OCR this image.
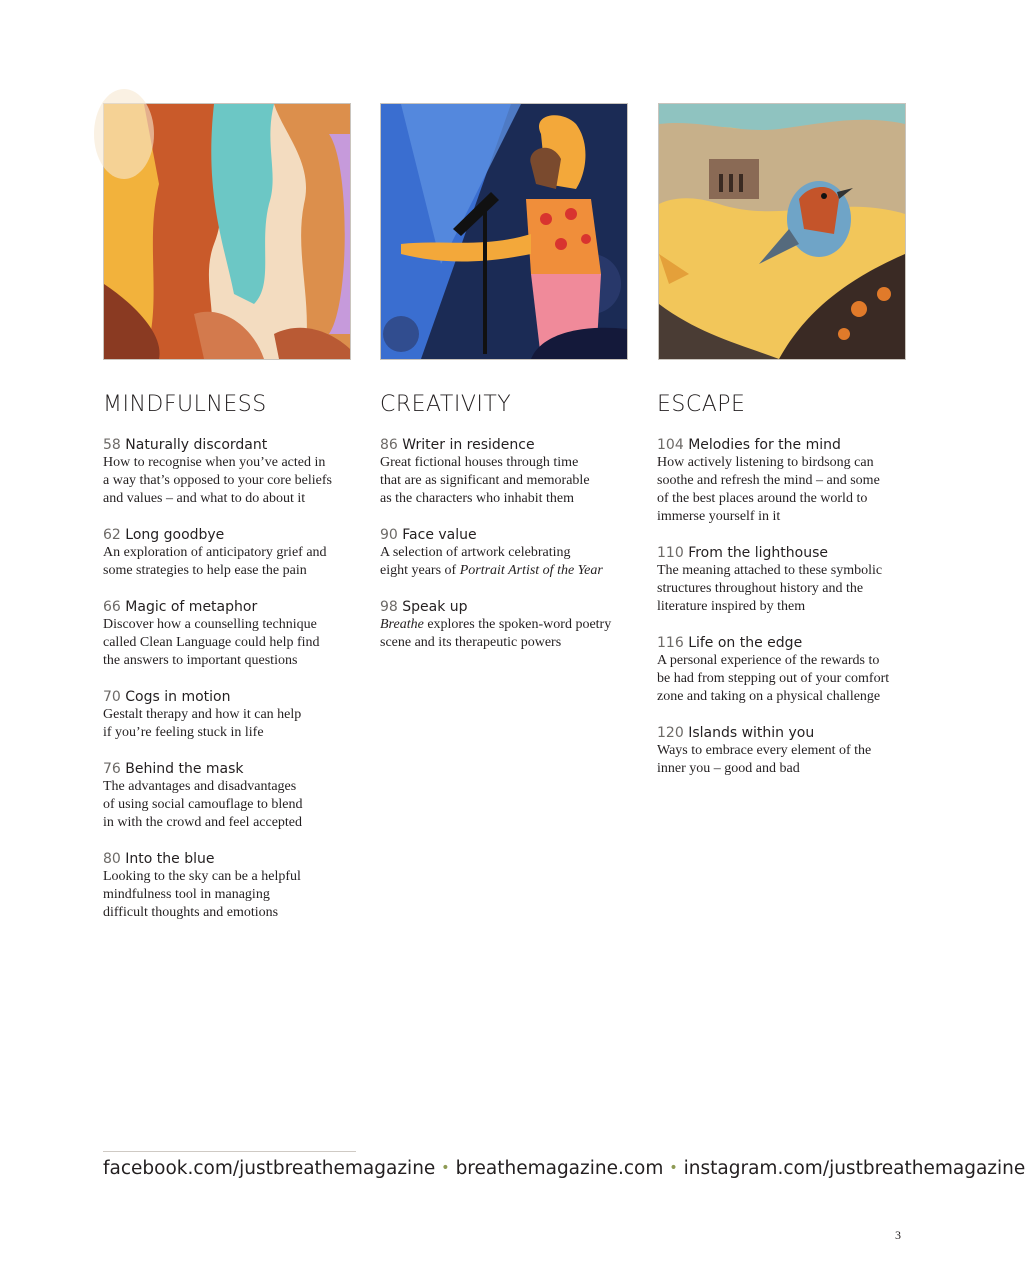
MINDFULNESS
58 Naturally discordant
How to recognise when you’ve acted in
a way that’s opposed to your core beliefs
and values – and what to do about it
62 Long goodbye
An exploration of anticipatory grief and
some strategies to help ease the pain
66 Magic of metaphor
Discover how a counselling technique
called Clean Language could help find
the answers to important questions
70 Cogs in motion
Gestalt therapy and how it can help
if you’re feeling stuck in life
76 Behind the mask
The advantages and disadvantages
of using social camouflage to blend
in with the crowd and feel accepted
80 Into the blue
Looking to the sky can be a helpful
mindfulness tool in managing
difficult thoughts and emotions
CREATIVITY
86 Writer in residence
Great fictional houses through time
that are as significant and memorable
as the characters who inhabit them
90 Face value
A selection of artwork celebrating
eight years of Portrait Artist of the Year
98 Speak up
Breathe explores the spoken-word poetry
scene and its therapeutic powers
ESCAPE
104 Melodies for the mind
How actively listening to birdsong can
soothe and refresh the mind – and some
of the best places around the world to
immerse yourself in it
110 From the lighthouse
The meaning attached to these symbolic
structures throughout history and the
literature inspired by them
116 Life on the edge
A personal experience of the rewards to
be had from stepping out of your comfort
zone and taking on a physical challenge
120 Islands within you
Ways to embrace every element of the
inner you – good and bad
facebook.com/justbreathemagazine • breathemagazine.com • instagram.com/justbreathemagazine
3
